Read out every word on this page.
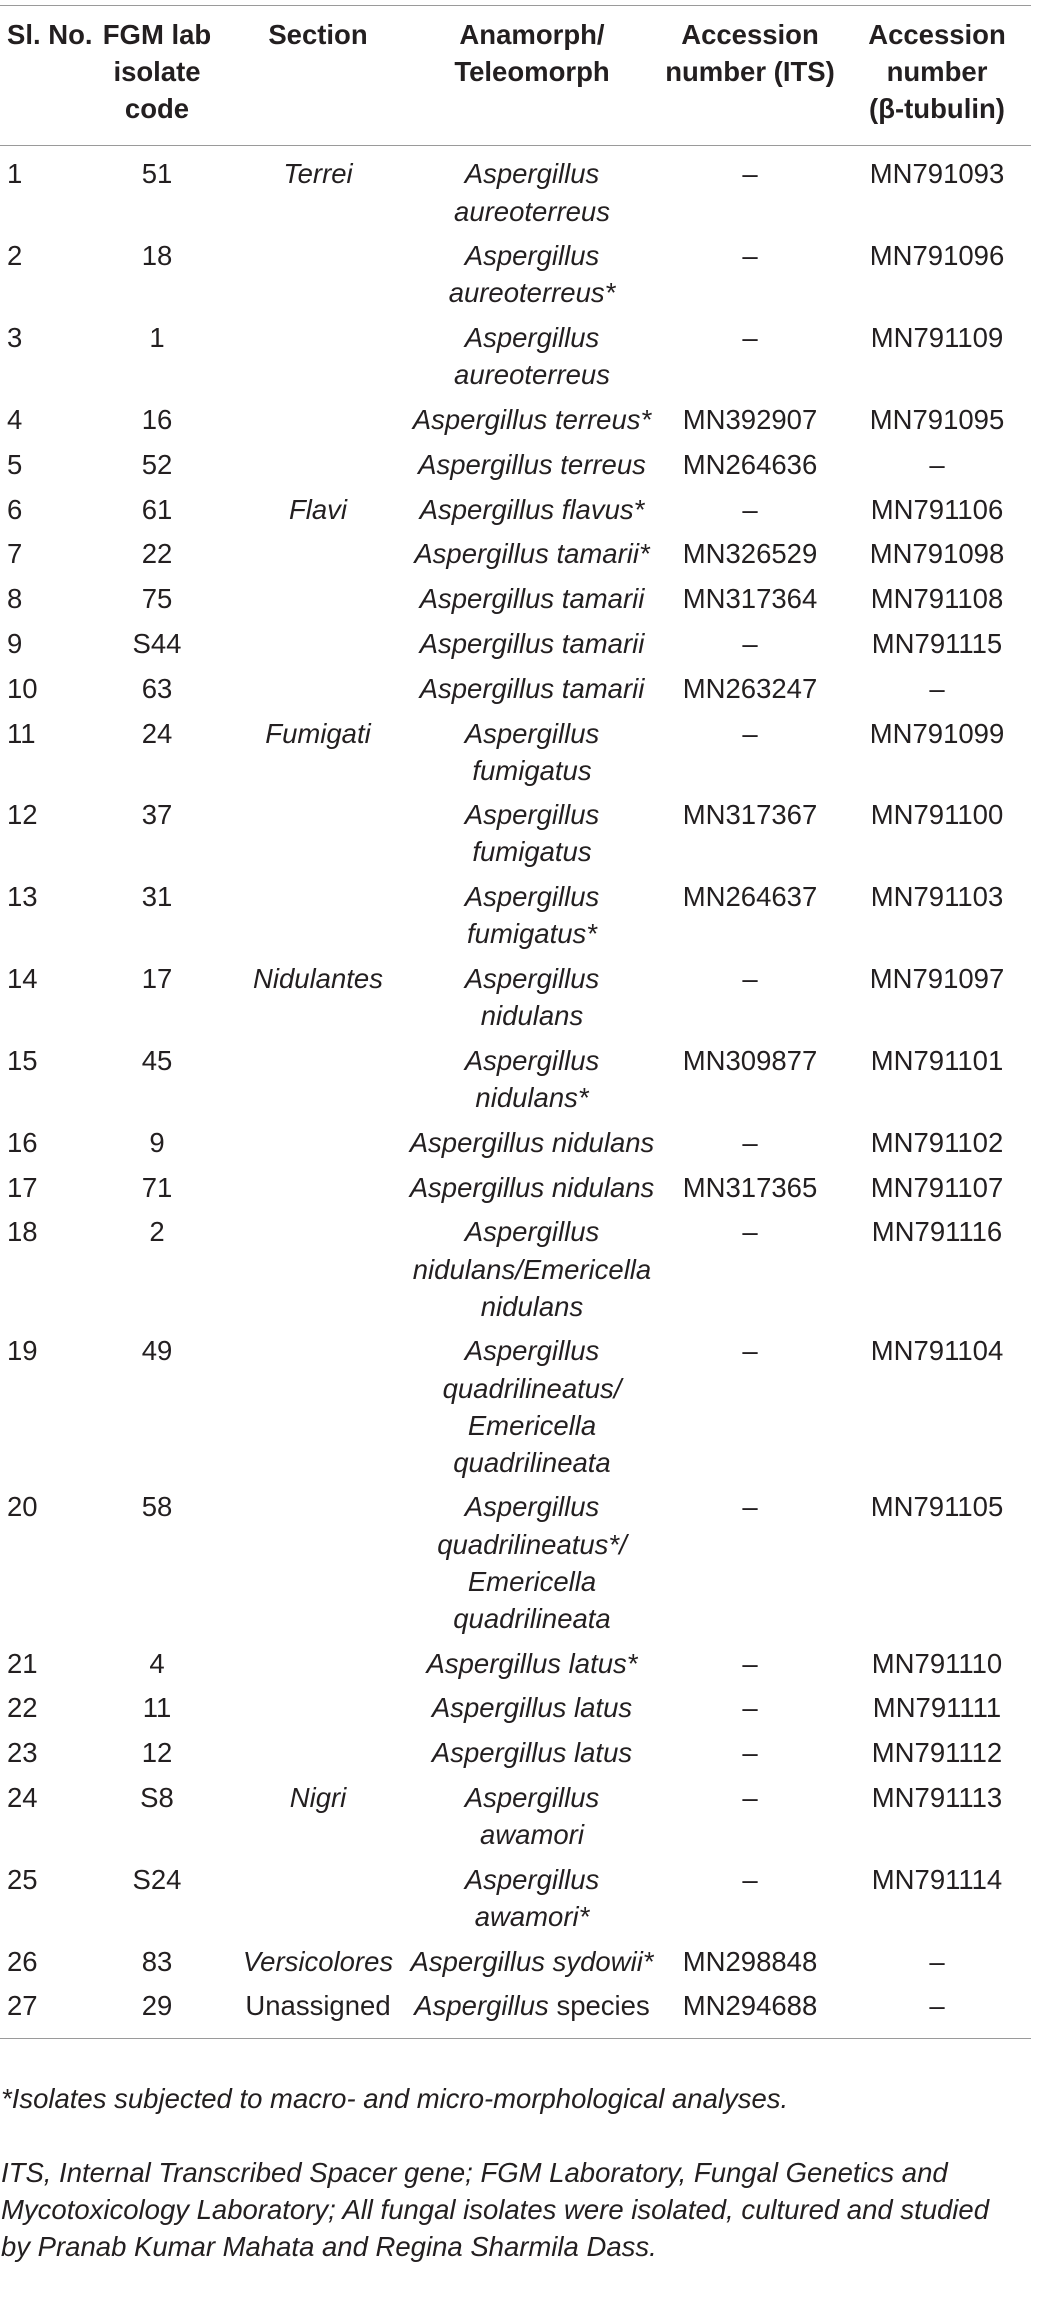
Sl. No.	FGM lab
isolate
code	Section	Anamorph/
Teleomorph	Accession
number (ITS)	Accession
number
(β-tubulin)
1	51	Terrei	Aspergillus
aureoterreus	–	MN791093
2	18		Aspergillus
aureoterreus*	–	MN791096
3	1		Aspergillus
aureoterreus	–	MN791109
4	16		Aspergillus terreus*	MN392907	MN791095
5	52		Aspergillus terreus	MN264636	–
6	61	Flavi	Aspergillus flavus*	–	MN791106
7	22		Aspergillus tamarii*	MN326529	MN791098
8	75		Aspergillus tamarii	MN317364	MN791108
9	S44		Aspergillus tamarii	–	MN791115
10	63		Aspergillus tamarii	MN263247	–
11	24	Fumigati	Aspergillus
fumigatus	–	MN791099
12	37		Aspergillus
fumigatus	MN317367	MN791100
13	31		Aspergillus
fumigatus*	MN264637	MN791103
14	17	Nidulantes	Aspergillus
nidulans	–	MN791097
15	45		Aspergillus
nidulans*	MN309877	MN791101
16	9		Aspergillus nidulans	–	MN791102
17	71		Aspergillus nidulans	MN317365	MN791107
18	2		Aspergillus
nidulans/Emericella
nidulans	–	MN791116
19	49		Aspergillus
quadrilineatus/
Emericella
quadrilineata	–	MN791104
20	58		Aspergillus
quadrilineatus*/
Emericella
quadrilineata	–	MN791105
21	4		Aspergillus latus*	–	MN791110
22	11		Aspergillus latus	–	MN791111
23	12		Aspergillus latus	–	MN791112
24	S8	Nigri	Aspergillus
awamori	–	MN791113
25	S24		Aspergillus
awamori*	–	MN791114
26	83	Versicolores	Aspergillus sydowii*	MN298848	–
27	29	Unassigned	Aspergillus species	MN294688	–

*Isolates subjected to macro- and micro-morphological analyses.

ITS, Internal Transcribed Spacer gene; FGM Laboratory, Fungal Genetics and
Mycotoxicology Laboratory; All fungal isolates were isolated, cultured and studied
by Pranab Kumar Mahata and Regina Sharmila Dass.
